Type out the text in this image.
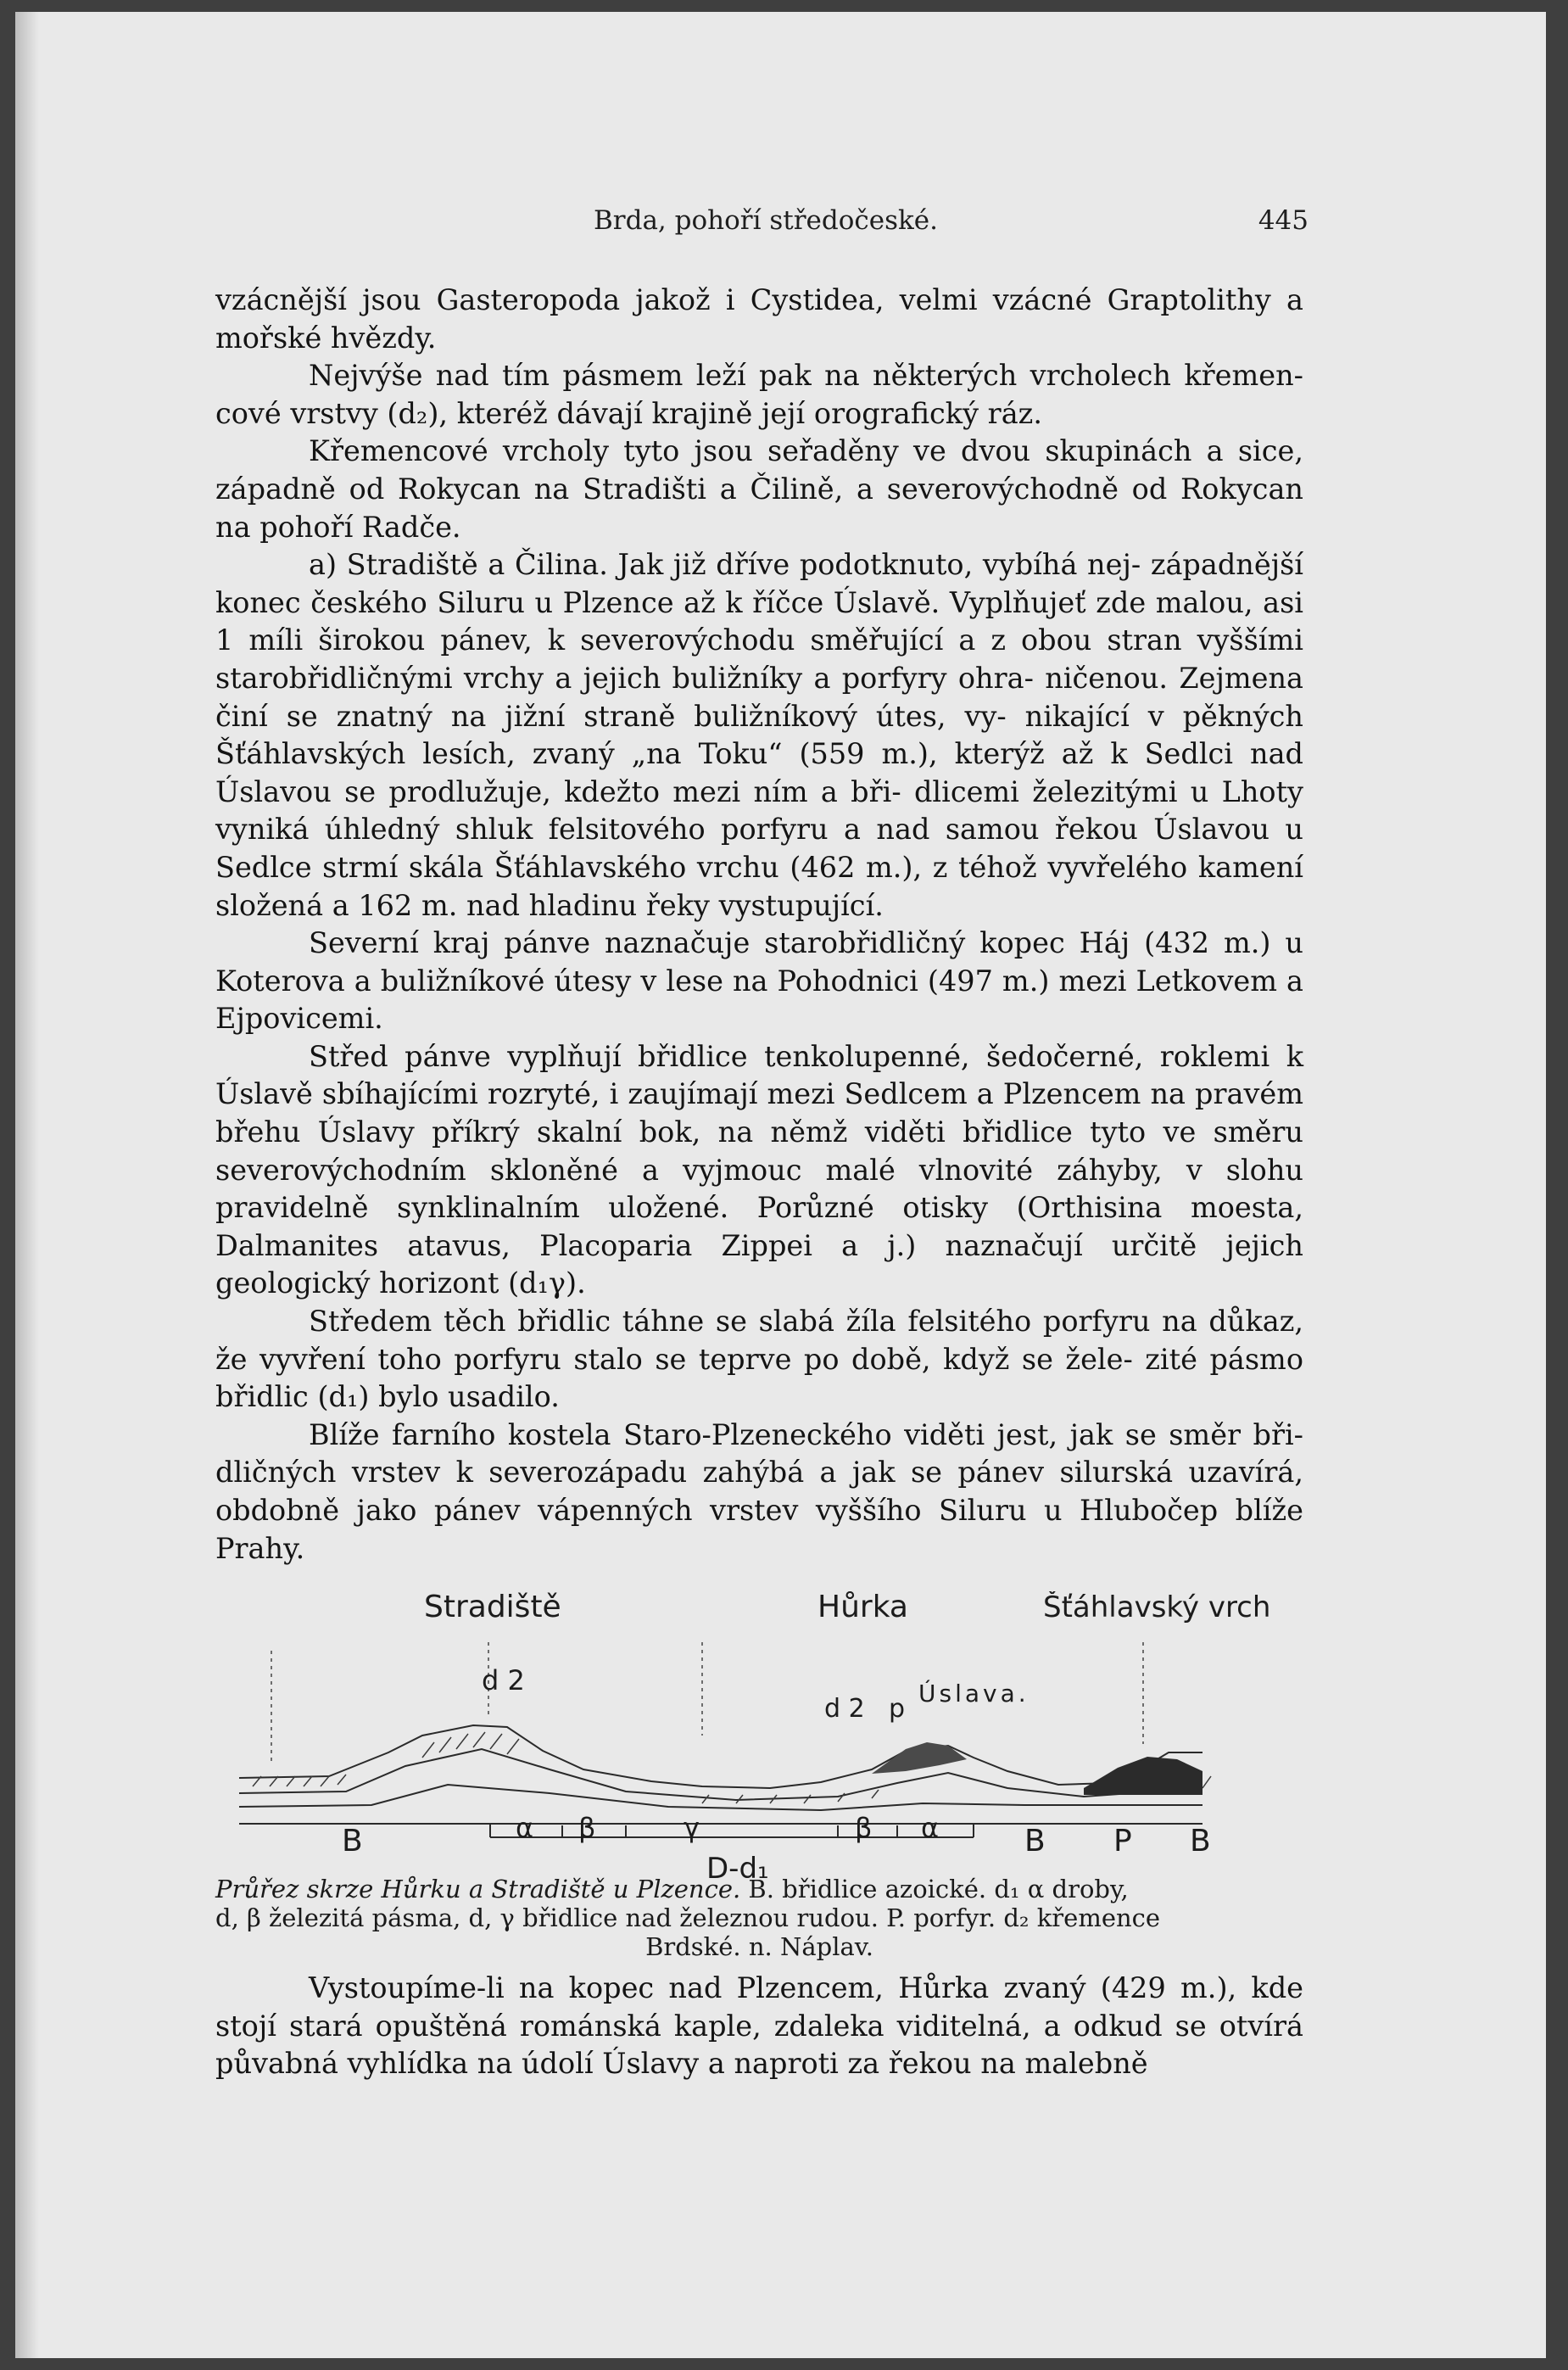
Brda, pohoří středočeské.	445

vzácnější jsou Gasteropoda jakož i Cystidea, velmi vzácné Graptolithy a mořské hvězdy.

Nejvýše nad tím pásmem leží pak na některých vrcholech křemen- cové vrstvy (d₂), kteréž dávají krajině její orografický ráz.

Křemencové vrcholy tyto jsou seřaděny ve dvou skupinách a sice, západně od Rokycan na Stradišti a Čilině, a severovýchodně od Rokycan na pohoří Radče.

a) Stradiště a Čilina. Jak již dříve podotknuto, vybíhá nej- západnější konec českého Siluru u Plzence až k říčce Úslavě. Vyplňujeť zde malou, asi 1 míli širokou pánev, k severovýchodu směřující a z obou stran vyššími starobřidličnými vrchy a jejich buližníky a porfyry ohra- ničenou. Zejmena činí se znatný na jižní straně buližníkový útes, vy- nikající v pěkných Šťáhlavských lesích, zvaný „na Toku“ (559 m.), kterýž až k Sedlci nad Úslavou se prodlužuje, kdežto mezi ním a bři- dlicemi železitými u Lhoty vyniká úhledný shluk felsitového porfyru a nad samou řekou Úslavou u Sedlce strmí skála Šťáhlavského vrchu (462 m.), z téhož vyvřelého kamení složená a 162 m. nad hladinu řeky vystupující.

Severní kraj pánve naznačuje starobřidličný kopec Háj (432 m.) u Koterova a buližníkové útesy v lese na Pohodnici (497 m.) mezi Letkovem a Ejpovicemi.

Střed pánve vyplňují břidlice tenkolupenné, šedočerné, roklemi k Úslavě sbíhajícími rozryté, i zaujímají mezi Sedlcem a Plzencem na pravém břehu Úslavy příkrý skalní bok, na němž viděti břidlice tyto ve směru severovýchodním skloněné a vyjmouc malé vlnovité záhyby, v slohu pravidelně synklinalním uložené. Porůzné otisky (Orthisina moesta, Dalmanites atavus, Placoparia Zippei a j.) naznačují určitě jejich geologický horizont (d₁γ).

Středem těch břidlic táhne se slabá žíla felsitého porfyru na důkaz, že vyvření toho porfyru stalo se teprve po době, když se žele- zité pásmo břidlic (d₁) bylo usadilo.

Blíže farního kostela Staro-Plzeneckého viděti jest, jak se směr bři- dličných vrstev k severozápadu zahýbá a jak se pánev silurská uzavírá, obdobně jako pánev vápenných vrstev vyššího Siluru u Hlubočep blíže Prahy.

Stradiště	Hůrka	Šťáhlavský vrch
d 2
d 2 p
Úslava.
B	α β	γ	β α	B P B
D-d₁
Průřez skrze Hůrku a Stradiště u Plzence. B. břidlice azoické. d₁ α droby,
d, β železitá pásma, d, γ břidlice nad železnou rudou. P. porfyr. d₂ křemence
Brdské. n. Náplav.

Vystoupíme-li na kopec nad Plzencem, Hůrka zvaný (429 m.), kde stojí stará opuštěná románská kaple, zdaleka viditelná, a odkud se otvírá půvabná vyhlídka na údolí Úslavy a naproti za řekou na malebně
